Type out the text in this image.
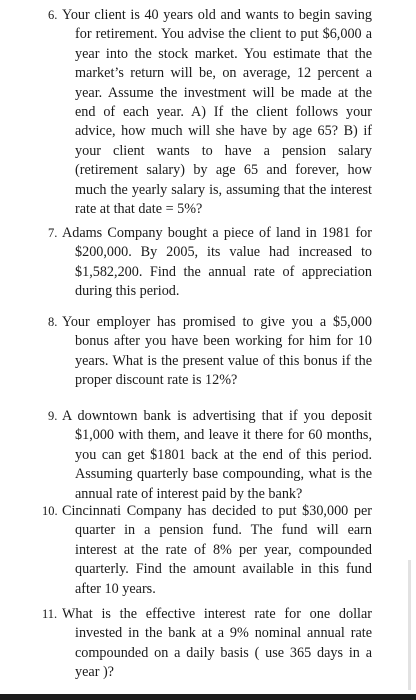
6. Your client is 40 years old and wants to begin saving for retirement. You advise the client to put $6,000 a year into the stock market. You estimate that the market’s return will be, on average, 12 percent a year. Assume the investment will be made at the end of each year. A) If the client follows your advice, how much will she have by age 65? B) if your client wants to have a pension salary (retirement salary) by age 65 and forever, how much the yearly salary is, assuming that the interest rate at that date = 5%?
7. Adams Company bought a piece of land in 1981 for $200,000. By 2005, its value had increased to $1,582,200. Find the annual rate of appreciation during this period.
8. Your employer has promised to give you a $5,000 bonus after you have been working for him for 10 years. What is the present value of this bonus if the proper discount rate is 12%?
9. A downtown bank is advertising that if you deposit $1,000 with them, and leave it there for 60 months, you can get $1801 back at the end of this period. Assuming quarterly base compounding, what is the annual rate of interest paid by the bank?
10. Cincinnati Company has decided to put $30,000 per quarter in a pension fund. The fund will earn interest at the rate of 8% per year, compounded quarterly. Find the amount available in this fund after 10 years.
11. What is the effective interest rate for one dollar invested in the bank at a 9% nominal annual rate compounded on a daily basis ( use 365 days in a year )?
